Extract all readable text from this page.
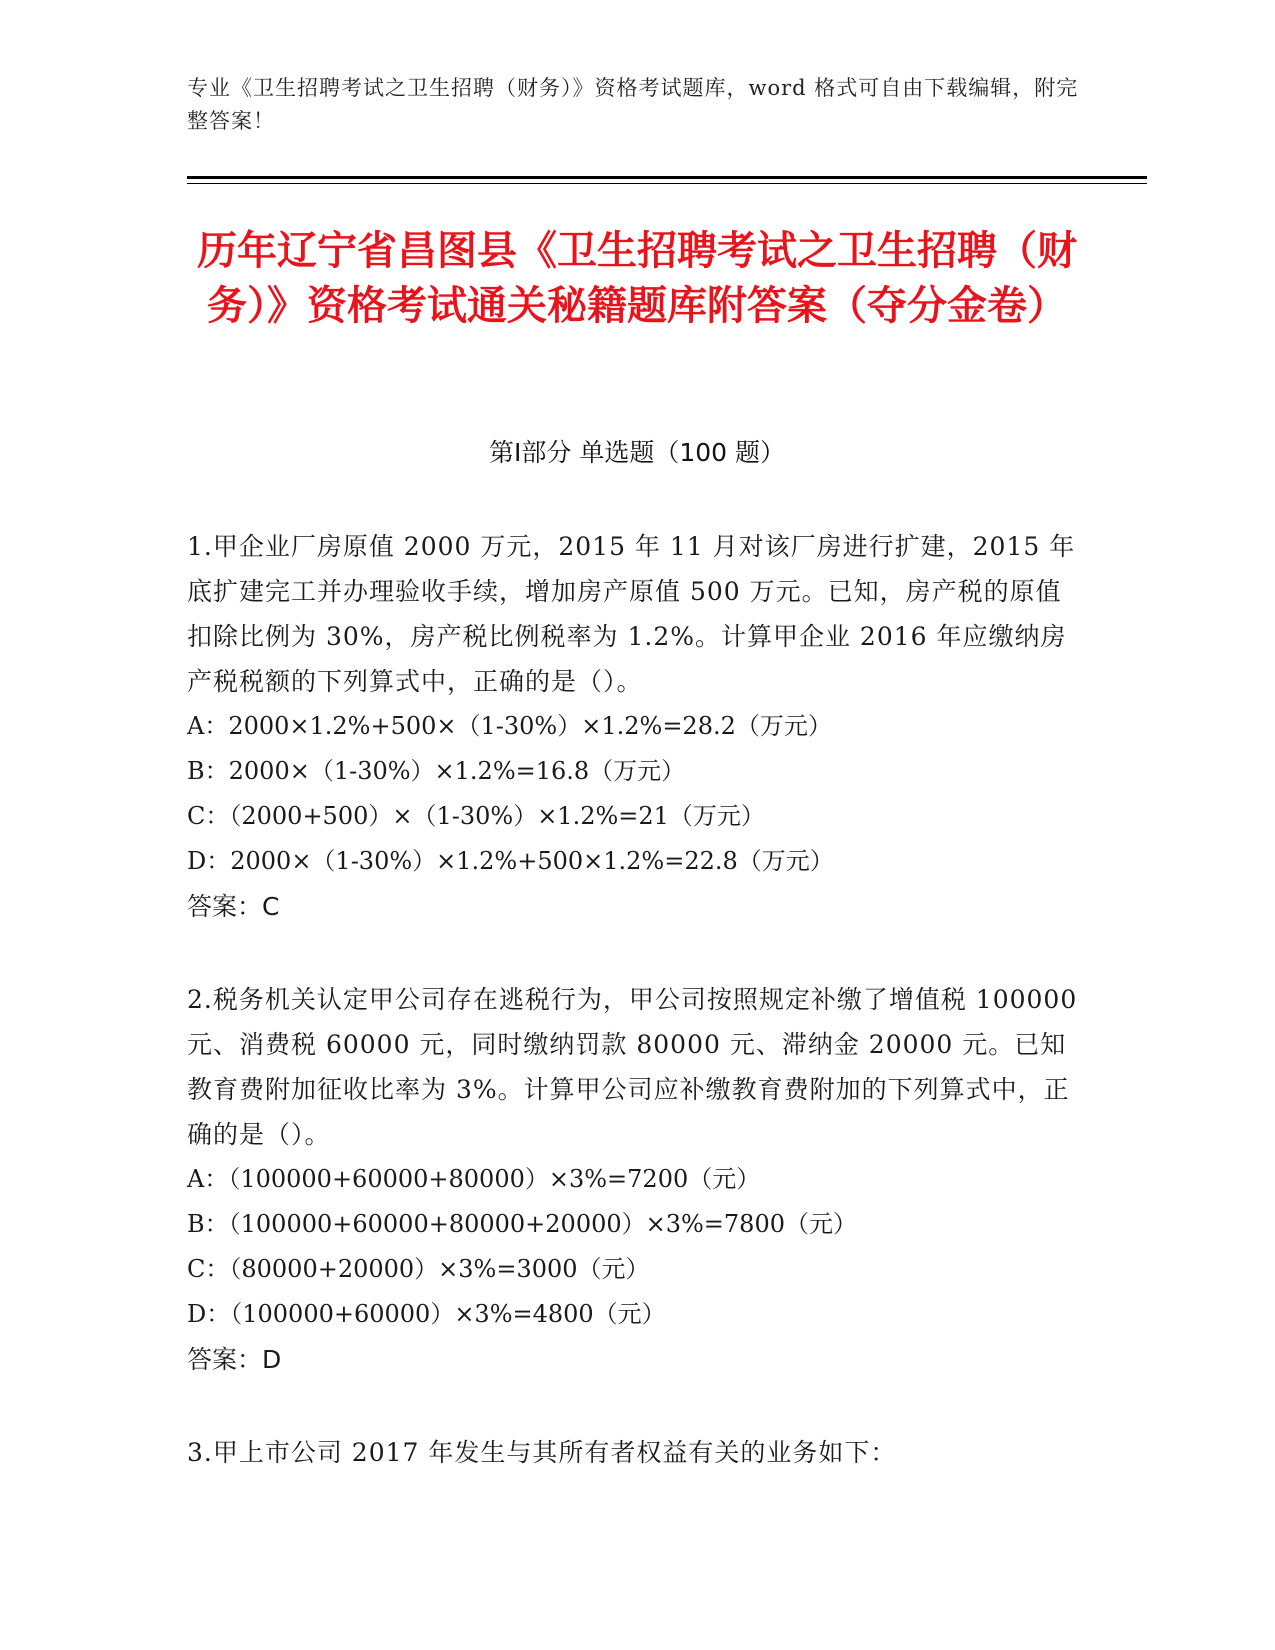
专业《卫生招聘考试之卫生招聘（财务）》资格考试题库，word 格式可自由下载编辑，附完整答案！
历年辽宁省昌图县《卫生招聘考试之卫生招聘（财务）》资格考试通关秘籍题库附答案（夺分金卷）
第Ⅰ部分 单选题（100 题）

1.甲企业厂房原值 2000 万元，2015 年 11 月对该厂房进行扩建，2015 年底扩建完工并办理验收手续，增加房产原值 500 万元。已知，房产税的原值扣除比例为 30%，房产税比例税率为 1.2%。计算甲企业 2016 年应缴纳房产税税额的下列算式中，正确的是（）。

A：2000×1.2%+500×（1-30%）×1.2%=28.2（万元）

B：2000×（1-30%）×1.2%=16.8（万元）

C：（2000+500）×（1-30%）×1.2%=21（万元）

D：2000×（1-30%）×1.2%+500×1.2%=22.8（万元）

答案：C

2.税务机关认定甲公司存在逃税行为，甲公司按照规定补缴了增值税 100000 元、消费税 60000 元，同时缴纳罚款 80000 元、滞纳金 20000 元。已知教育费附加征收比率为 3%。计算甲公司应补缴教育费附加的下列算式中，正确的是（）。

A：（100000+60000+80000）×3%=7200（元）

B：（100000+60000+80000+20000）×3%=7800（元）

C：（80000+20000）×3%=3000（元）

D：（100000+60000）×3%=4800（元）

答案：D

3.甲上市公司 2017 年发生与其所有者权益有关的业务如下：
